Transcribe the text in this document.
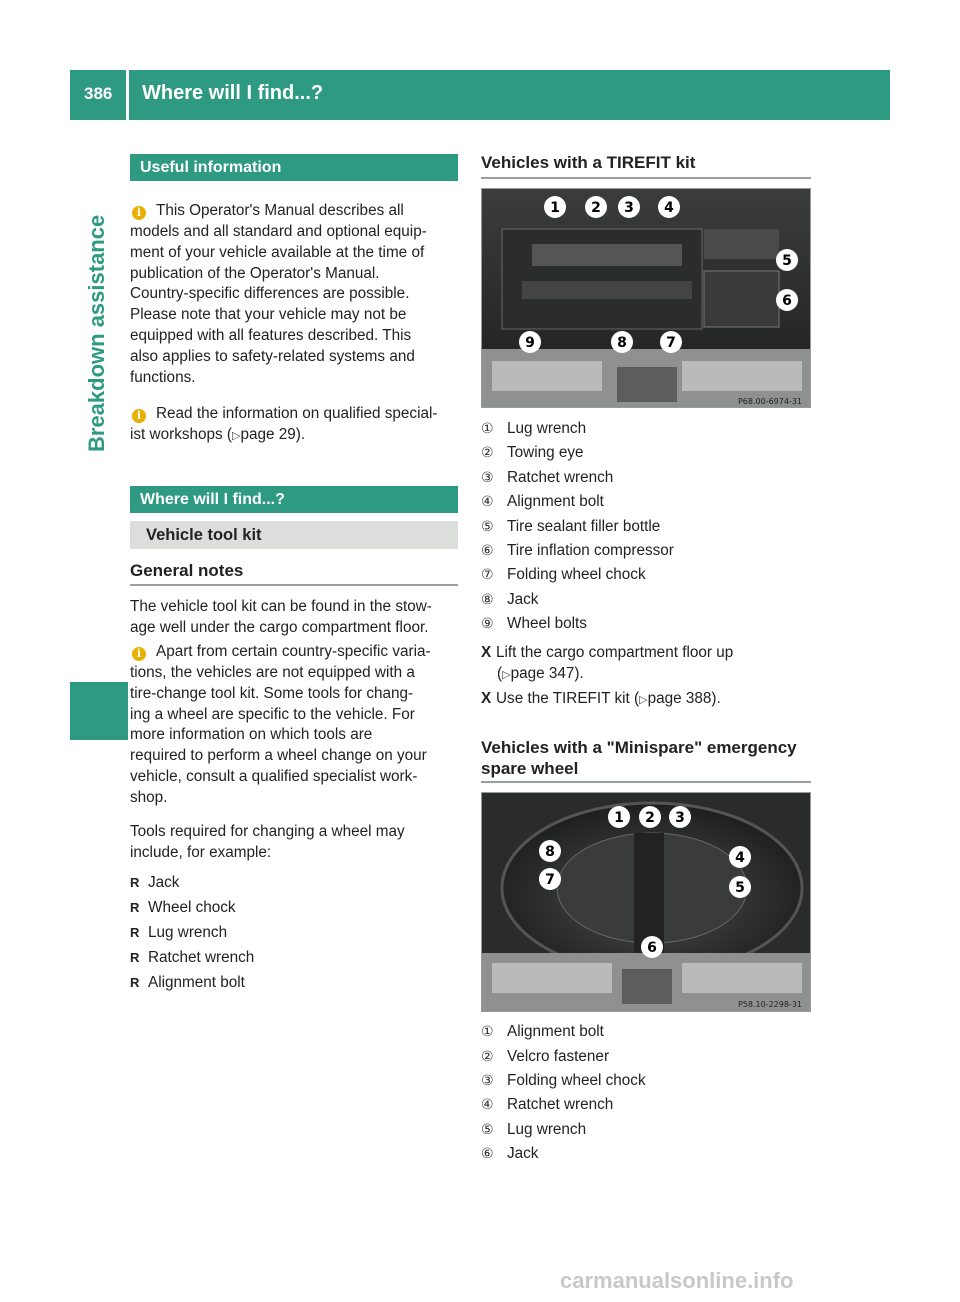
386 Where will I find...?
Breakdown assistance
Useful information
i This Operator's Manual describes all
models and all standard and optional equip-
ment of your vehicle available at the time of
publication of the Operator's Manual.
Country-specific differences are possible.
Please note that your vehicle may not be
equipped with all features described. This
also applies to safety-related systems and
functions.
i Read the information on qualified special-
ist workshops (▷page 29).
Where will I find...?
Vehicle tool kit
General notes
The vehicle tool kit can be found in the stow-
age well under the cargo compartment floor.
i Apart from certain country-specific varia-
tions, the vehicles are not equipped with a
tire-change tool kit. Some tools for chang-
ing a wheel are specific to the vehicle. For
more information on which tools are
required to perform a wheel change on your
vehicle, consult a qualified specialist work-
shop.
Tools required for changing a wheel may
include, for example:
R Jack
R Wheel chock
R Lug wrench
R Ratchet wrench
R Alignment bolt
Vehicles with a TIREFIT kit
1 2 3 4
5
6
7
8
9
P68.00-6974-31
① Lug wrench
② Towing eye
③ Ratchet wrench
④ Alignment bolt
⑤ Tire sealant filler bottle
⑥ Tire inflation compressor
⑦ Folding wheel chock
⑧ Jack
⑨ Wheel bolts
X Lift the cargo compartment floor up
(▷page 347).
X Use the TIREFIT kit (▷page 388).
Vehicles with a "Minispare" emergency
spare wheel
1 2 3
4
5
6
7
8
P58.10-2298-31
① Alignment bolt
② Velcro fastener
③ Folding wheel chock
④ Ratchet wrench
⑤ Lug wrench
⑥ Jack
carmanualsonline.info
